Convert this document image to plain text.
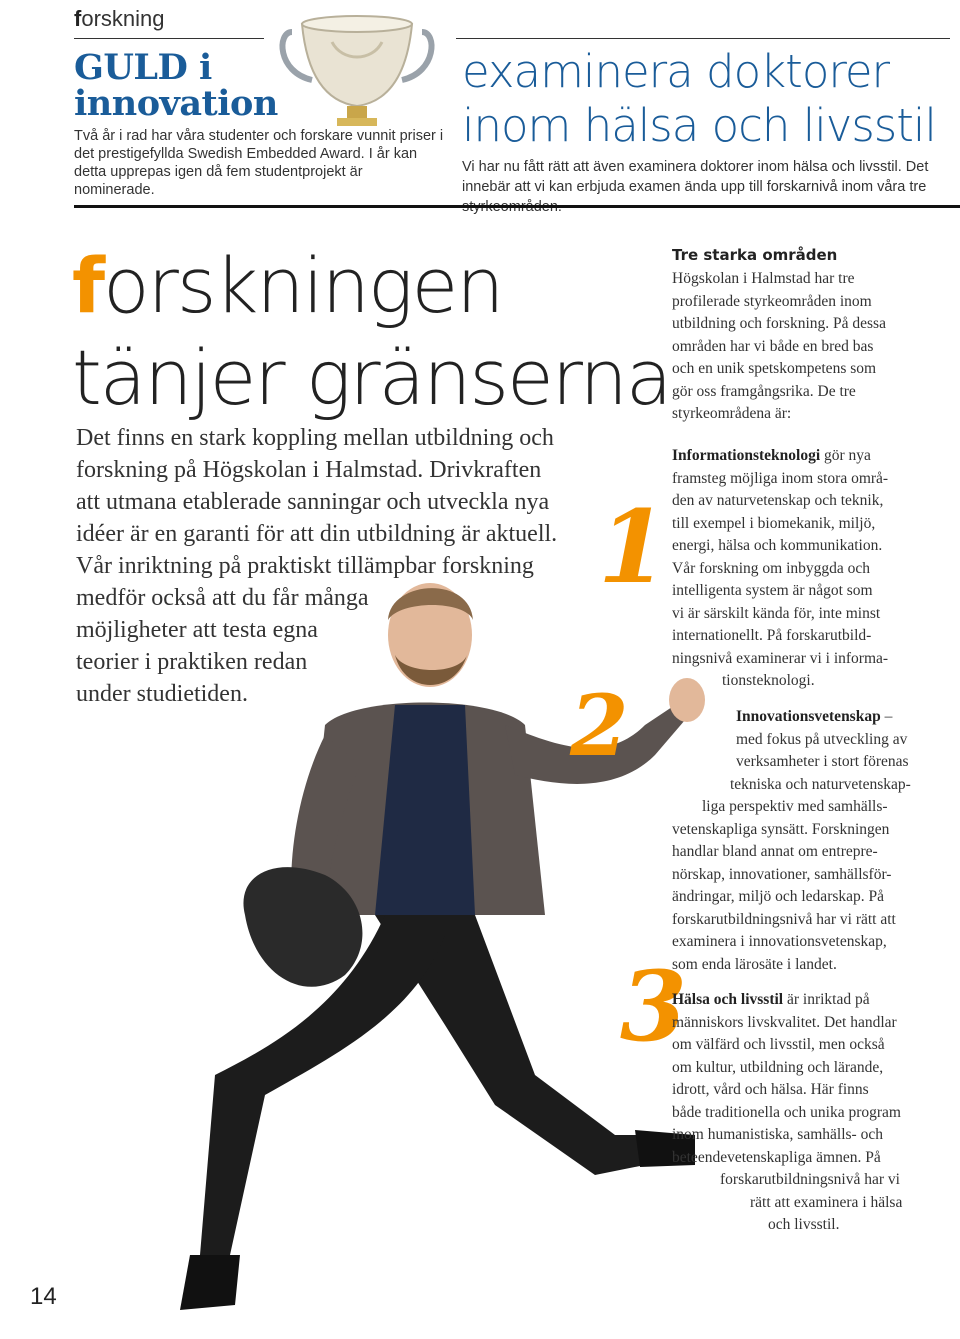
forskning
GULD i
innovation

Två år i rad har våra studenter och forskare vunnit priser i det prestigefyllda Swedish Embedded Award. I år kan detta upprepas igen då fem studentprojekt är nominerade.

examinera doktorer
inom hälsa och livsstil

Vi har nu fått rätt att även examinera doktorer inom hälsa och livsstil. Det innebär att vi kan erbjuda examen ända upp till forskarnivå inom våra tre

forskningen
tänjer gränserna

Det finns en stark koppling mellan utbildning och
forskning på Högskolan i Halmstad. Drivkraften
att utmana etablerade sanningar och utveckla nya
idéer är en garanti för att din utbildning är aktuell.
Vår inriktning på praktiskt tillämpbar forskning
medför också att du får många
möjligheter att testa egna
teorier i praktiken redan
under studietiden.

1
2
3
Tre starka områden

Högskolan i Halmstad har tre
profilerade styrkeområden inom
utbildning och forskning. På dessa
områden har vi både en bred bas
och en unik spetskompetens som
gör oss framgångsrika. De tre
styrkeområdena är:

Informationsteknologi gör nya
framsteg möjliga inom stora områ-
den av naturvetenskap och teknik,
till exempel i biomekanik, miljö,
energi, hälsa och kommunikation.
Vår forskning om inbyggda och
intelligenta system är något som
vi är särskilt kända för, inte minst
internationellt. På forskarutbild-
ningsnivå examinerar vi i informa-
tionsteknologi.

Innovationsvetenskap –
med fokus på utveckling av
verksamheter i stort förenas
tekniska och naturvetenskap-
liga perspektiv med samhälls-
vetenskapliga synsätt. Forskningen
handlar bland annat om entrepre-
nörskap, innovationer, samhällsför-
ändringar, miljö och ledarskap. På
forskarutbildningsnivå har vi rätt att
examinera i innovationsvetenskap,
som enda lärosäte i landet.

Hälsa och livsstil är inriktad på
människors livskvalitet. Det handlar
om välfärd och livsstil, men också
om kultur, utbildning och lärande,
idrott, vård och hälsa. Här finns
både traditionella och unika program
inom humanistiska, samhälls- och
beteendevetenskapliga ämnen. På
forskarutbildningsnivå har vi
rätt att examinera i hälsa
och livsstil.

14
